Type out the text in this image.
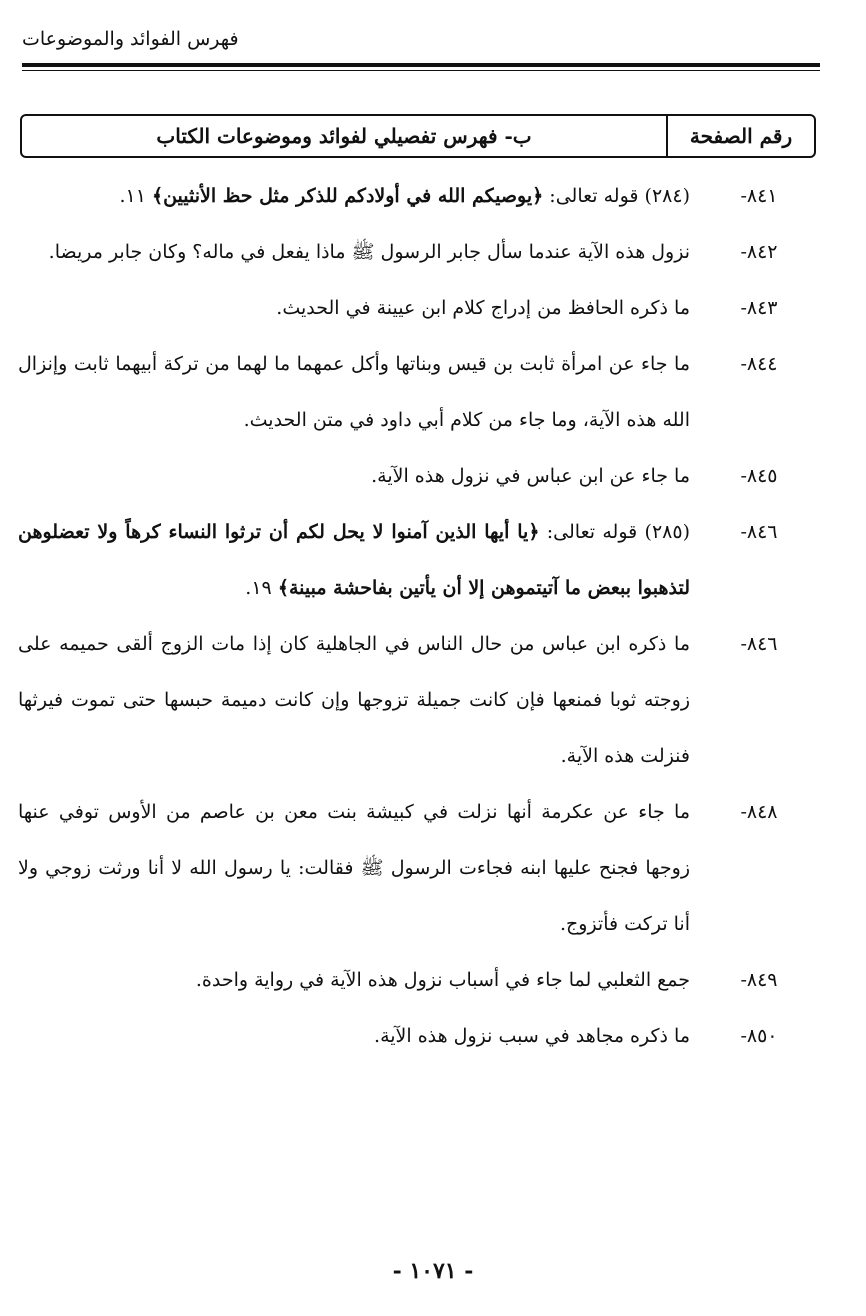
فهرس الفوائد والموضوعات
رقم الصفحة
ب- فهرس تفصيلي لفوائد وموضوعات الكتاب
٨٤١-
(٢٨٤) قوله تعالى: ﴿يوصيكم الله في أولادكم للذكر مثل حظ الأنثيين﴾ ١١.
٨٤٢-
نزول هذه الآية عندما سأل جابر الرسول ﷺ ماذا يفعل في ماله؟ وكان جابر مريضا.
٨٤٣-
ما ذكره الحافظ من إدراج كلام ابن عيينة في الحديث.
٨٤٤-
ما جاء عن امرأة ثابت بن قيس وبناتها وأكل عمهما ما لهما من تركة أبيهما ثابت وإنزال الله هذه الآية، وما جاء من كلام أبي داود في متن الحديث.
٨٤٥-
ما جاء عن ابن عباس في نزول هذه الآية.
٨٤٦-
(٢٨٥) قوله تعالى: ﴿يا أيها الذين آمنوا لا يحل لكم أن ترثوا النساء كرهاً ولا تعضلوهن لتذهبوا ببعض ما آتيتموهن إلا أن يأتين بفاحشة مبينة﴾ ١٩.
٨٤٦-
ما ذكره ابن عباس من حال الناس في الجاهلية كان إذا مات الزوج ألقى حميمه على زوجته ثوبا فمنعها فإن كانت جميلة تزوجها وإن كانت دميمة حبسها حتى تموت فيرثها فنزلت هذه الآية.
٨٤٨-
ما جاء عن عكرمة أنها نزلت في كبيشة بنت معن بن عاصم من الأوس توفي عنها زوجها فجنح عليها ابنه فجاءت الرسول ﷺ فقالت: يا رسول الله لا أنا ورثت زوجي ولا أنا تركت فأتزوج.
٨٤٩-
جمع الثعلبي لما جاء في أسباب نزول هذه الآية في رواية واحدة.
٨٥٠-
ما ذكره مجاهد في سبب نزول هذه الآية.
- ١٠٧١ -
